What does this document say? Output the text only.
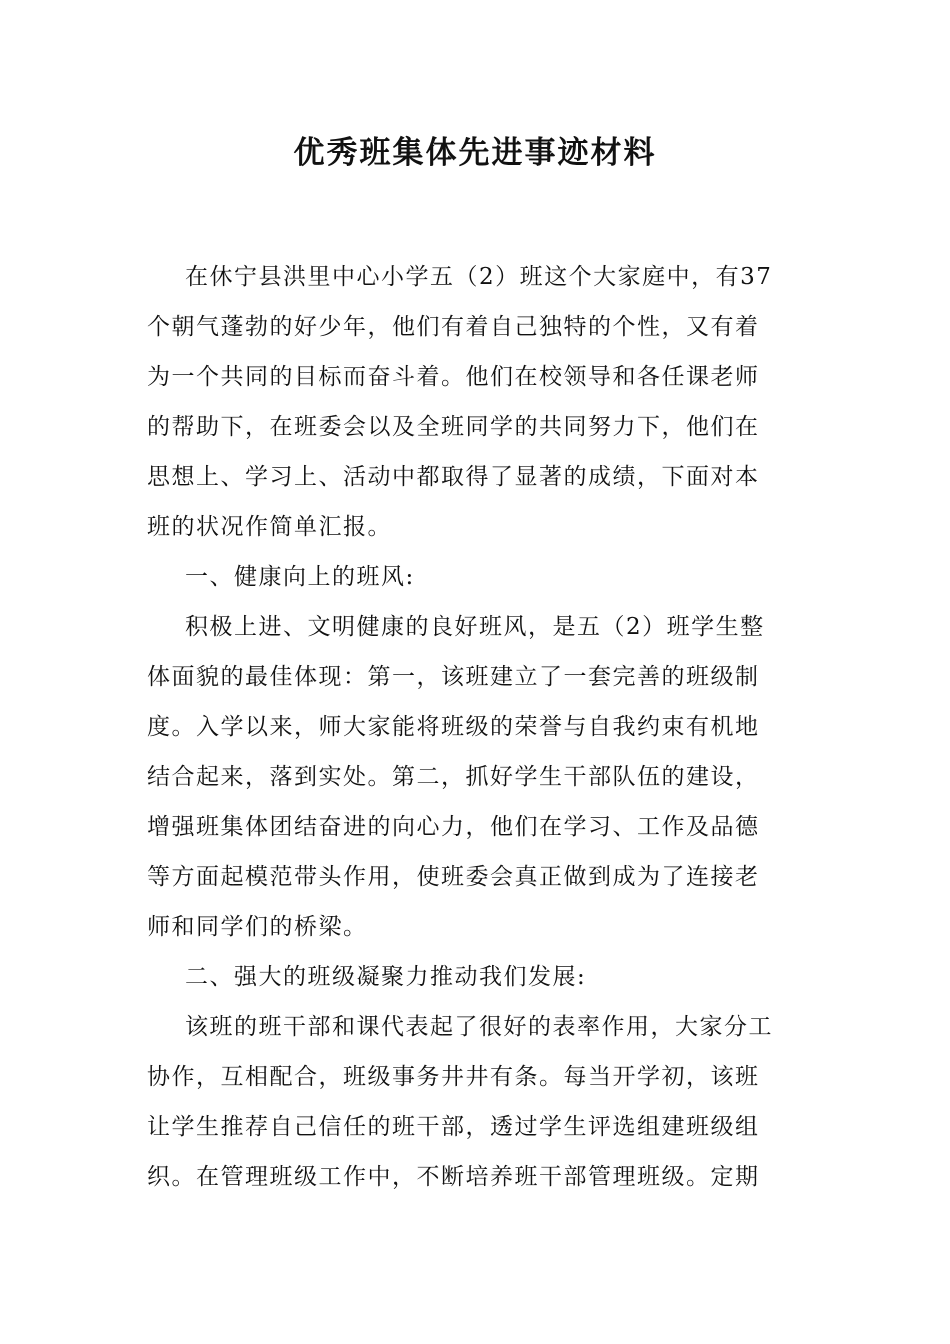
优秀班集体先进事迹材料
在休宁县洪里中心小学五（2）班这个大家庭中，有37
个朝气蓬勃的好少年，他们有着自己独特的个性，又有着
为一个共同的目标而奋斗着。他们在校领导和各任课老师
的帮助下，在班委会以及全班同学的共同努力下，他们在
思想上、学习上、活动中都取得了显著的成绩，下面对本
班的状况作简单汇报。
一、健康向上的班风:
积极上进、文明健康的良好班风，是五（2）班学生整
体面貌的最佳体现：第一，该班建立了一套完善的班级制
度。入学以来，师大家能将班级的荣誉与自我约束有机地
结合起来，落到实处。第二，抓好学生干部队伍的建设，
增强班集体团结奋进的向心力，他们在学习、工作及品德
等方面起模范带头作用，使班委会真正做到成为了连接老
师和同学们的桥梁。
二、强大的班级凝聚力推动我们发展:
该班的班干部和课代表起了很好的表率作用，大家分工
协作，互相配合，班级事务井井有条。每当开学初，该班
让学生推荐自己信任的班干部，透过学生评选组建班级组
织。在管理班级工作中，不断培养班干部管理班级。定期
